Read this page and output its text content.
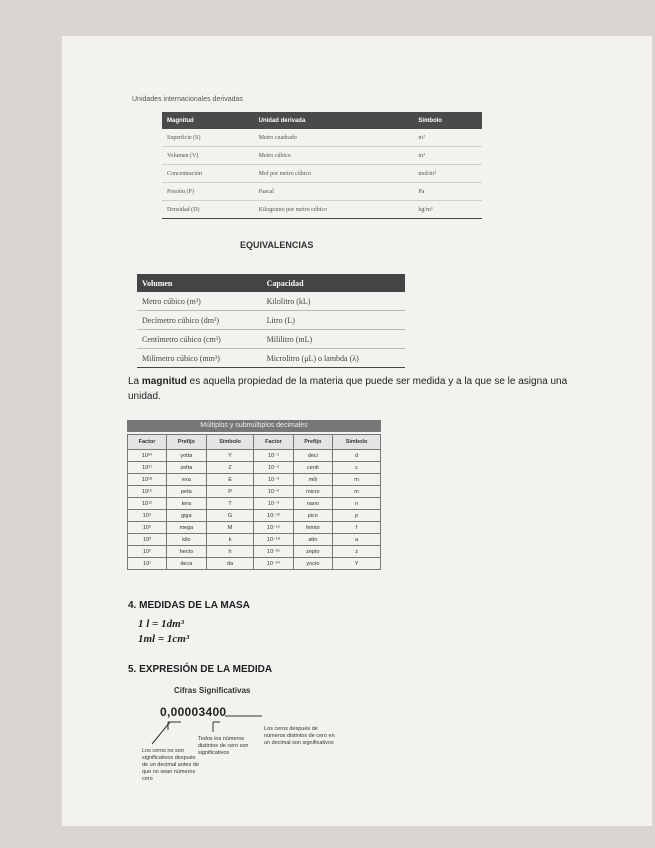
Unidades internacionales derivadas
Magnitud	Unidad derivada	Símbolo
Superficie (S)	Metro cuadrado	m²
Volumen (V)	Metro cúbico	m³
Concentración	Mol por metro cúbico	mol/m³
Presión (P)	Pascal	Pa
Densidad (D)	Kilogramo por metro cúbico	kg/m³
EQUIVALENCIAS
Volumen	Capacidad
Metro cúbico (m³)	Kilolitro (kL)
Decímetro cúbico (dm³)	Litro (L)
Centímetro cúbico (cm³)	Mililitro (mL)
Milímetro cúbico (mm³)	Microlitro (μL) o lambda (λ)
La magnitud es aquella propiedad de la materia que puede ser medida y a la que se le asigna una unidad.
Múltiplos y submúltiplos decimales
Factor	Prefijo	Símbolo	Factor	Prefijo	Símbolo
10²⁴	yotta	Y	10⁻¹	deci	d
10²¹	zetta	Z	10⁻²	centi	c
10¹⁸	exa	E	10⁻³	mili	m
10¹⁵	peta	P	10⁻⁶	micro	m
10¹²	tera	T	10⁻⁹	nano	n
10⁹	giga	G	10⁻¹²	pico	p
10⁶	mega	M	10⁻¹⁵	femto	f
10³	kilo	k	10⁻¹⁸	atto	a
10²	hecto	h	10⁻²¹	zepto	z
10¹	deca	da	10⁻²⁴	yocto	Y
4. MEDIDAS DE LA MASA
1 l = 1dm³
1ml = 1cm³
5. EXPRESIÓN DE LA MEDIDA
Cifras Significativas
0,00003400
Los ceros no son significativos después de un decimal antes de que no sean números cero
Todos los números distintos de cero son significativos
Los ceros después de números distintos de cero en un decimal son significativos
